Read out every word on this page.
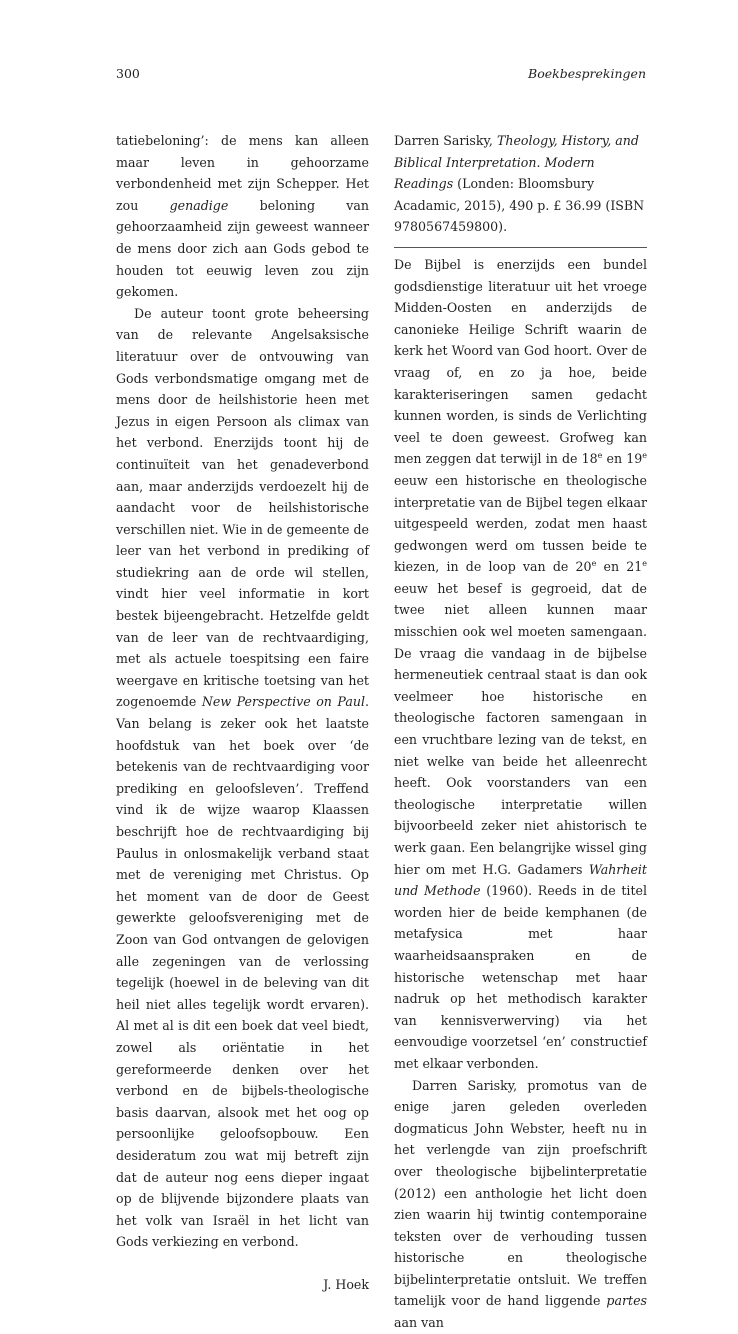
300	Boekbesprekingen

tatiebeloning’: de mens kan alleen maar leven in gehoorzame verbondenheid met zijn Schepper. Het zou genadige beloning van gehoorzaamheid zijn geweest wanneer de mens door zich aan Gods gebod te houden tot eeuwig leven zou zijn gekomen.

De auteur toont grote beheersing van de relevante Angelsaksische literatuur over de ontvouwing van Gods verbondsmatige omgang met de mens door de heilshistorie heen met Jezus in eigen Persoon als climax van het verbond. Enerzijds toont hij de continuïteit van het genadeverbond aan, maar anderzijds verdoezelt hij de aandacht voor de heilshistorische verschillen niet. Wie in de gemeente de leer van het verbond in prediking of studiekring aan de orde wil stellen, vindt hier veel informatie in kort bestek bijeengebracht. Hetzelfde geldt van de leer van de rechtvaardiging, met als actuele toespitsing een faire weergave en kritische toetsing van het zogenoemde New Perspective on Paul. Van belang is zeker ook het laatste hoofdstuk van het boek over ‘de betekenis van de rechtvaardiging voor prediking en geloofsleven’. Treffend vind ik de wijze waarop Klaassen beschrijft hoe de rechtvaardiging bij Paulus in onlosmakelijk verband staat met de vereniging met Christus. Op het moment van de door de Geest gewerkte geloofsvereniging met de Zoon van God ontvangen de gelovigen alle zegeningen van de verlossing tegelijk (hoewel in de beleving van dit heil niet alles tegelijk wordt ervaren). Al met al is dit een boek dat veel biedt, zowel als oriëntatie in het gereformeerde denken over het verbond en de bijbels-theologische basis daarvan, alsook met het oog op persoonlijke geloofsopbouw. Een desideratum zou wat mij betreft zijn dat de auteur nog eens dieper ingaat op de blijvende bijzondere plaats van het volk van Israël in het licht van Gods verkiezing en verbond.

J. Hoek

Darren Sarisky, Theology, History, and Biblical Interpretation. Modern Readings (Londen: Bloomsbury Acadamic, 2015), 490 p. £ 36.99 (ISBN 9780567459800).

De Bijbel is enerzijds een bundel godsdienstige literatuur uit het vroege Midden-Oosten en anderzijds de canonieke Heilige Schrift waarin de kerk het Woord van God hoort. Over de vraag of, en zo ja hoe, beide karakteriseringen samen gedacht kunnen worden, is sinds de Verlichting veel te doen geweest. Grofweg kan men zeggen dat terwijl in de 18e en 19e eeuw een historische en theologische interpretatie van de Bijbel tegen elkaar uitgespeeld werden, zodat men haast gedwongen werd om tussen beide te kiezen, in de loop van de 20e en 21e eeuw het besef is gegroeid, dat de twee niet alleen kunnen maar misschien ook wel moeten samengaan. De vraag die vandaag in de bijbelse hermeneutiek centraal staat is dan ook veelmeer hoe historische en theologische factoren samengaan in een vruchtbare lezing van de tekst, en niet welke van beide het alleenrecht heeft. Ook voorstanders van een theologische interpretatie willen bijvoorbeeld zeker niet ahistorisch te werk gaan. Een belangrijke wissel ging hier om met H.G. Gadamers Wahrheit und Methode (1960). Reeds in de titel worden hier de beide kemphanen (de metafysica met haar waarheidsaanspraken en de historische wetenschap met haar nadruk op het methodisch karakter van kennisverwerving) via het eenvoudige voorzetsel ‘en’ constructief met elkaar verbonden.

Darren Sarisky, promotus van de enige jaren geleden overleden dogmaticus John Webster, heeft nu in het verlengde van zijn proefschrift over theologische bijbelinterpretatie (2012) een anthologie het licht doen zien waarin hij twintig contemporaine teksten over de verhouding tussen historische en theologische bijbelinterpretatie ontsluit. We treffen tamelijk voor de hand liggende partes aan van
